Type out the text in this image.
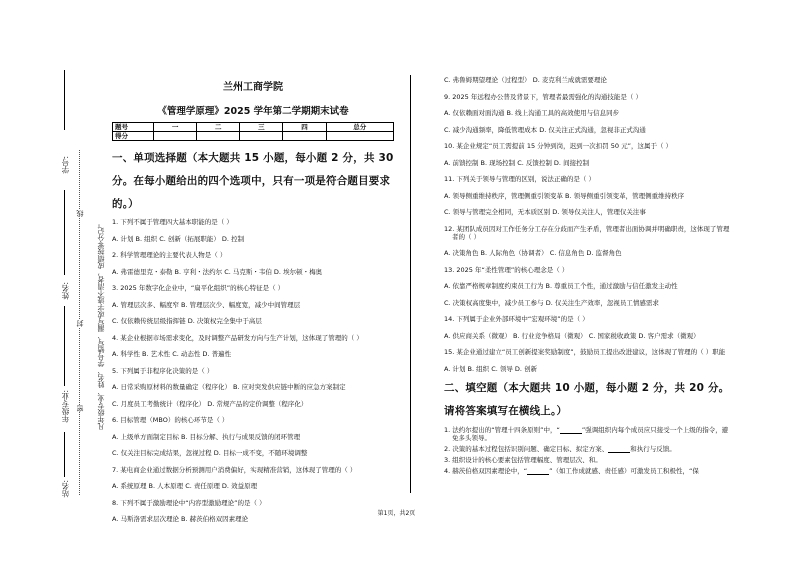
学号:
姓名:
年级专业:
站名:
凡年级专业、姓名、学号错写、漏写或字迹不清者，成绩按零分记。
线
封
密
兰州工商学院
《管理学原理》2025 学年第二学期期末试卷
题号	一	二	三	四	总分
得分					
一、单项选择题（本大题共 15 小题，每小题 2 分，共 30 分。在每小题给出的四个选项中，只有一项是符合题目要求的。）
1. 下列不属于管理四大基本职能的是（ ）
A. 计划 B. 组织 C. 创新（拓展职能） D. 控制
2. 科学管理理论的主要代表人物是（ ）
A. 弗雷德里克・泰勒 B. 亨利・法约尔 C. 马克斯・韦伯 D. 埃尔顿・梅奥
3. 2025 年数字化企业中，“扁平化组织”的核心特征是（ ）
A. 管理层次多、幅度窄 B. 管理层次少、幅度宽，减少中间管理层
C. 仅依赖传统层级指挥链 D. 决策权完全集中于高层
4. 某企业根据市场需求变化，及时调整产品研发方向与生产计划，这体现了管理的（ ）
A. 科学性 B. 艺术性 C. 动态性 D. 普遍性
5. 下列属于非程序化决策的是（ ）
A. 日常采购原材料的数量确定（程序化） B. 应对突发供应链中断的应急方案制定
C. 月度员工考勤统计（程序化） D. 常规产品的定价调整（程序化）
6. 目标管理（MBO）的核心环节是（ ）
A. 上级单方面制定目标 B. 目标分解、执行与成果反馈的闭环管理
C. 仅关注目标完成结果，忽视过程 D. 目标一成不变，不随环境调整
7. 某电商企业通过数据分析预测用户消费偏好，实现精准营销，这体现了管理的（ ）
A. 系统原理 B. 人本原理 C. 责任原理 D. 效益原理
8. 下列不属于激励理论中“内容型激励理论”的是（ ）
A. 马斯洛需求层次理论 B. 赫茨伯格双因素理论
C. 弗鲁姆期望理论（过程型） D. 麦克利兰成就需要理论
9. 2025 年远程办公普及背景下，管理者最需强化的沟通技能是（ ）
A. 仅依赖面对面沟通 B. 线上沟通工具的高效使用与信息同步
C. 减少沟通频率，降低管理成本 D. 仅关注正式沟通，忽视非正式沟通
10. 某企业规定“员工需提前 15 分钟到岗，迟到一次扣罚 50 元”，这属于（ ）
A. 前馈控制 B. 现场控制 C. 反馈控制 D. 间接控制
11. 下列关于领导与管理的区别，说法正确的是（ ）
A. 领导侧重维持秩序，管理侧重引领变革 B. 领导侧重引领变革，管理侧重维持秩序
C. 领导与管理完全相同，无本质区别 D. 领导仅关注人，管理仅关注事
12. 某团队成员因对工作任务分工存在分歧而产生矛盾，管理者出面协调并明确职责，这体现了管理者的（ ）
A. 决策角色 B. 人际角色（协调者） C. 信息角色 D. 监督角色
13. 2025 年“柔性管理”的核心理念是（ ）
A. 依靠严格规章制度约束员工行为 B. 尊重员工个性，通过激励与信任激发主动性
C. 决策权高度集中，减少员工参与 D. 仅关注生产效率，忽视员工情感需求
14. 下列属于企业外部环境中“宏观环境”的是（ ）
A. 供应商关系（微观） B. 行业竞争格局（微观） C. 国家税收政策 D. 客户需求（微观）
15. 某企业通过建立“员工创新提案奖励制度”，鼓励员工提出改进建议，这体现了管理的（ ）职能
A. 计划 B. 组织 C. 领导 D. 创新
二、填空题（本大题共 10 小题，每小题 2 分，共 20 分。请将答案填写在横线上。）
1. 法约尔提出的“管理十四条原则”中，“	”强调组织内每个成员应只接受一个上级的指令，避免多头领导。
2. 决策的基本过程包括识别问题、确定目标、拟定方案、	和执行与反馈。
3. 组织设计的核心要素包括管理幅度、管理层次、和。
4. 赫茨伯格双因素理论中，“	”（如工作成就感、责任感）可激发员工积极性，“保
第1页，共2页
